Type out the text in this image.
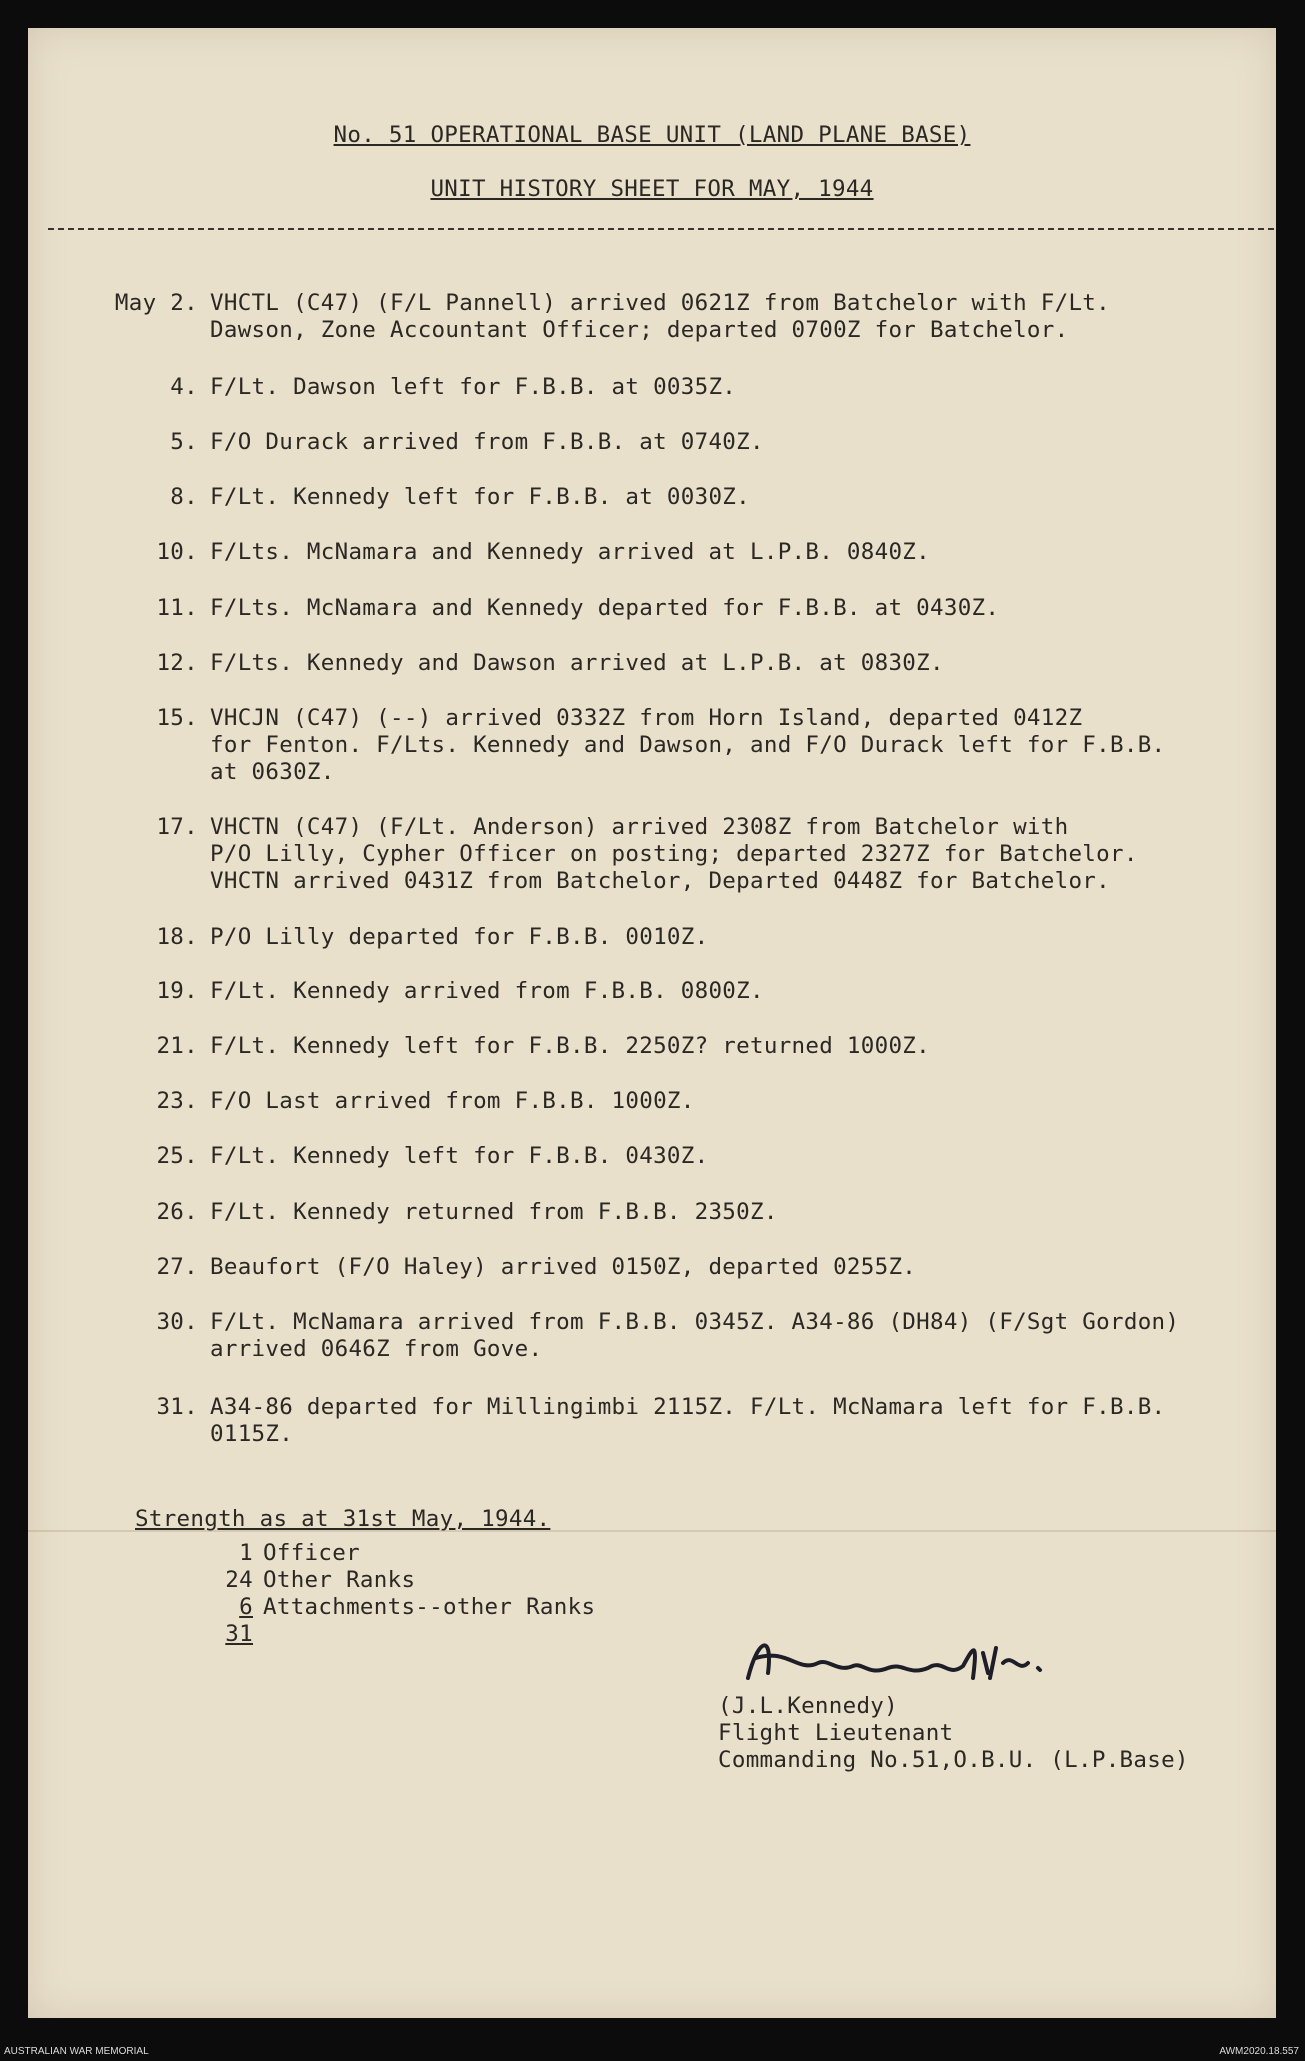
No. 51 OPERATIONAL BASE UNIT (LAND PLANE BASE)
UNIT HISTORY SHEET FOR MAY, 1944
May 2. VHCTL (C47) (F/L Pannell) arrived 0621Z from Batchelor with F/Lt.
Dawson, Zone Accountant Officer; departed 0700Z for Batchelor.
4. F/Lt. Dawson left for F.B.B. at 0035Z.
5. F/O Durack arrived from F.B.B. at 0740Z.
8. F/Lt. Kennedy left for F.B.B. at 0030Z.
10. F/Lts. McNamara and Kennedy arrived at L.P.B. 0840Z.
11. F/Lts. McNamara and Kennedy departed for F.B.B. at 0430Z.
12. F/Lts. Kennedy and Dawson arrived at L.P.B. at 0830Z.
15. VHCJN (C47) (--) arrived 0332Z from Horn Island, departed 0412Z
for Fenton. F/Lts. Kennedy and Dawson, and F/O Durack left for F.B.B.
at 0630Z.
17. VHCTN (C47) (F/Lt. Anderson) arrived 2308Z from Batchelor with
P/O Lilly, Cypher Officer on posting; departed 2327Z for Batchelor.
VHCTN arrived 0431Z from Batchelor, Departed 0448Z for Batchelor.
18. P/O Lilly departed for F.B.B. 0010Z.
19. F/Lt. Kennedy arrived from F.B.B. 0800Z.
21. F/Lt. Kennedy left for F.B.B. 2250Z? returned 1000Z.
23. F/O Last arrived from F.B.B. 1000Z.
25. F/Lt. Kennedy left for F.B.B. 0430Z.
26. F/Lt. Kennedy returned from F.B.B. 2350Z.
27. Beaufort (F/O Haley) arrived 0150Z, departed 0255Z.
30. F/Lt. McNamara arrived from F.B.B. 0345Z. A34-86 (DH84) (F/Sgt Gordon)
arrived 0646Z from Gove.
31. A34-86 departed for Millingimbi 2115Z. F/Lt. McNamara left for F.B.B.
0115Z.
Strength as at 31st May, 1944.
1 Officer
24 Other Ranks
6 Attachments--other Ranks
31
(J.L.Kennedy)
Flight Lieutenant
Commanding No.51,O.B.U. (L.P.Base)
AUSTRALIAN WAR MEMORIAL	AWM2020.18.557
